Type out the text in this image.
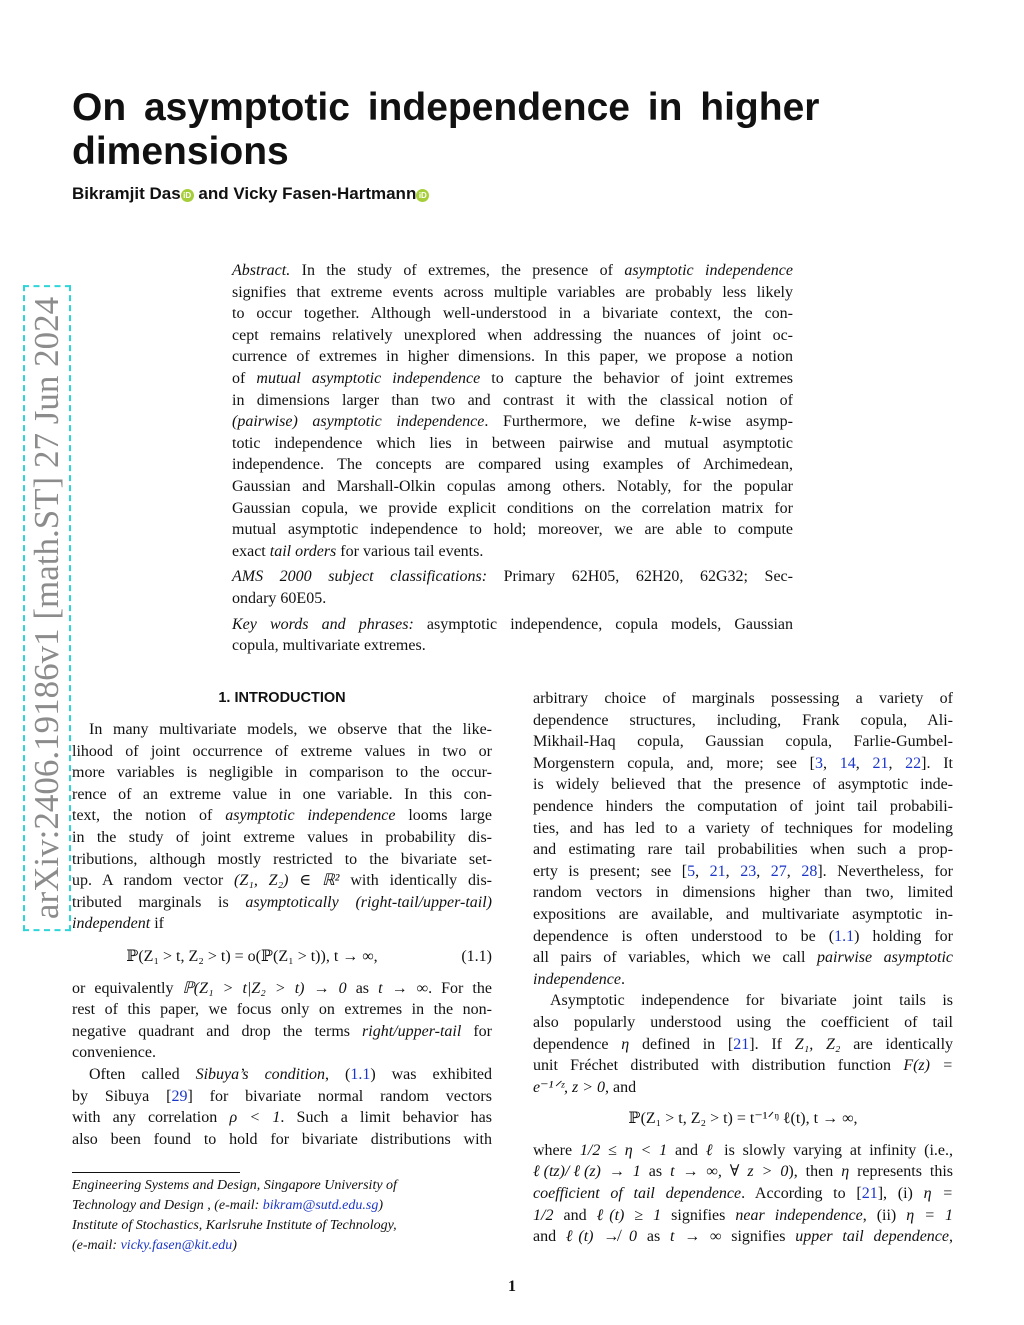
On asymptotic independence in higher
dimensions
Bikramjit Das iD and Vicky Fasen-Hartmann iD
arXiv:2406.19186v1 [math.ST] 27 Jun 2024

Abstract. In the study of extremes, the presence of asymptotic independence
signifies that extreme events across multiple variables are probably less likely
to occur together. Although well-understood in a bivariate context, the con-
cept remains relatively unexplored when addressing the nuances of joint oc-
currence of extremes in higher dimensions. In this paper, we propose a notion
of mutual asymptotic independence to capture the behavior of joint extremes
in dimensions larger than two and contrast it with the classical notion of
(pairwise) asymptotic independence. Furthermore, we define k-wise asymp-
totic independence which lies in between pairwise and mutual asymptotic
independence. The concepts are compared using examples of Archimedean,
Gaussian and Marshall-Olkin copulas among others. Notably, for the popular
Gaussian copula, we provide explicit conditions on the correlation matrix for
mutual asymptotic independence to hold; moreover, we are able to compute
exact tail orders for various tail events.

AMS 2000 subject classifications: Primary 62H05, 62H20, 62G32; Sec-
ondary 60E05.

Key words and phrases: asymptotic independence, copula models, Gaussian
copula, multivariate extremes.

1. INTRODUCTION

In many multivariate models, we observe that the like-
lihood of joint occurrence of extreme values in two or
more variables is negligible in comparison to the occur-
rence of an extreme value in one variable. In this con-
text, the notion of asymptotic independence looms large
in the study of joint extreme values in probability dis-
tributions, although mostly restricted to the bivariate set-
up. A random vector (Z₁, Z₂) ∈ ℝ² with identically dis-
tributed marginals is asymptotically (right-tail/upper-tail)
independent if

ℙ(Z₁ > t, Z₂ > t) = o(ℙ(Z₁ > t)), t → ∞,	(1.1)

or equivalently ℙ(Z₁ > t|Z₂ > t) → 0 as t → ∞. For the
rest of this paper, we focus only on extremes in the non-
negative quadrant and drop the terms right/upper-tail for
convenience.

Often called Sibuya’s condition, (1.1) was exhibited
by Sibuya [29] for bivariate normal random vectors
with any correlation ρ < 1. Such a limit behavior has
also been found to hold for bivariate distributions with

arbitrary choice of marginals possessing a variety of
dependence structures, including, Frank copula, Ali-
Mikhail-Haq copula, Gaussian copula, Farlie-Gumbel-
Morgenstern copula, and, more; see [3, 14, 21, 22]. It
is widely believed that the presence of asymptotic inde-
pendence hinders the computation of joint tail probabili-
ties, and has led to a variety of techniques for modeling
and estimating rare tail probabilities when such a prop-
erty is present; see [5, 21, 23, 27, 28]. Nevertheless, for
random vectors in dimensions higher than two, limited
expositions are available, and multivariate asymptotic in-
dependence is often understood to be (1.1) holding for
all pairs of variables, which we call pairwise asymptotic
independence.

Asymptotic independence for bivariate joint tails is
also popularly understood using the coefficient of tail
dependence η defined in [21]. If Z₁, Z₂ are identically
unit Fréchet distributed with distribution function F(z) =
e⁻¹ᐟᶻ, z > 0, and

ℙ(Z₁ > t, Z₂ > t) = t⁻¹ᐟᵑ ℓ(t), t → ∞,

where 1/2 ≤ η < 1 and ℓ is slowly varying at infinity (i.e.,
ℓ(tz)/ℓ(z) → 1 as t → ∞, ∀ z > 0), then η represents this
coefficient of tail dependence. According to [21], (i) η =
1/2 and ℓ(t) ≥ 1 signifies near independence, (ii) η = 1
and ℓ(t) ↛ 0 as t → ∞ signifies upper tail dependence,

Engineering Systems and Design, Singapore University of
Technology and Design , (e-mail: bikram@sutd.edu.sg)
Institute of Stochastics, Karlsruhe Institute of Technology,
(e-mail: vicky.fasen@kit.edu)
1
